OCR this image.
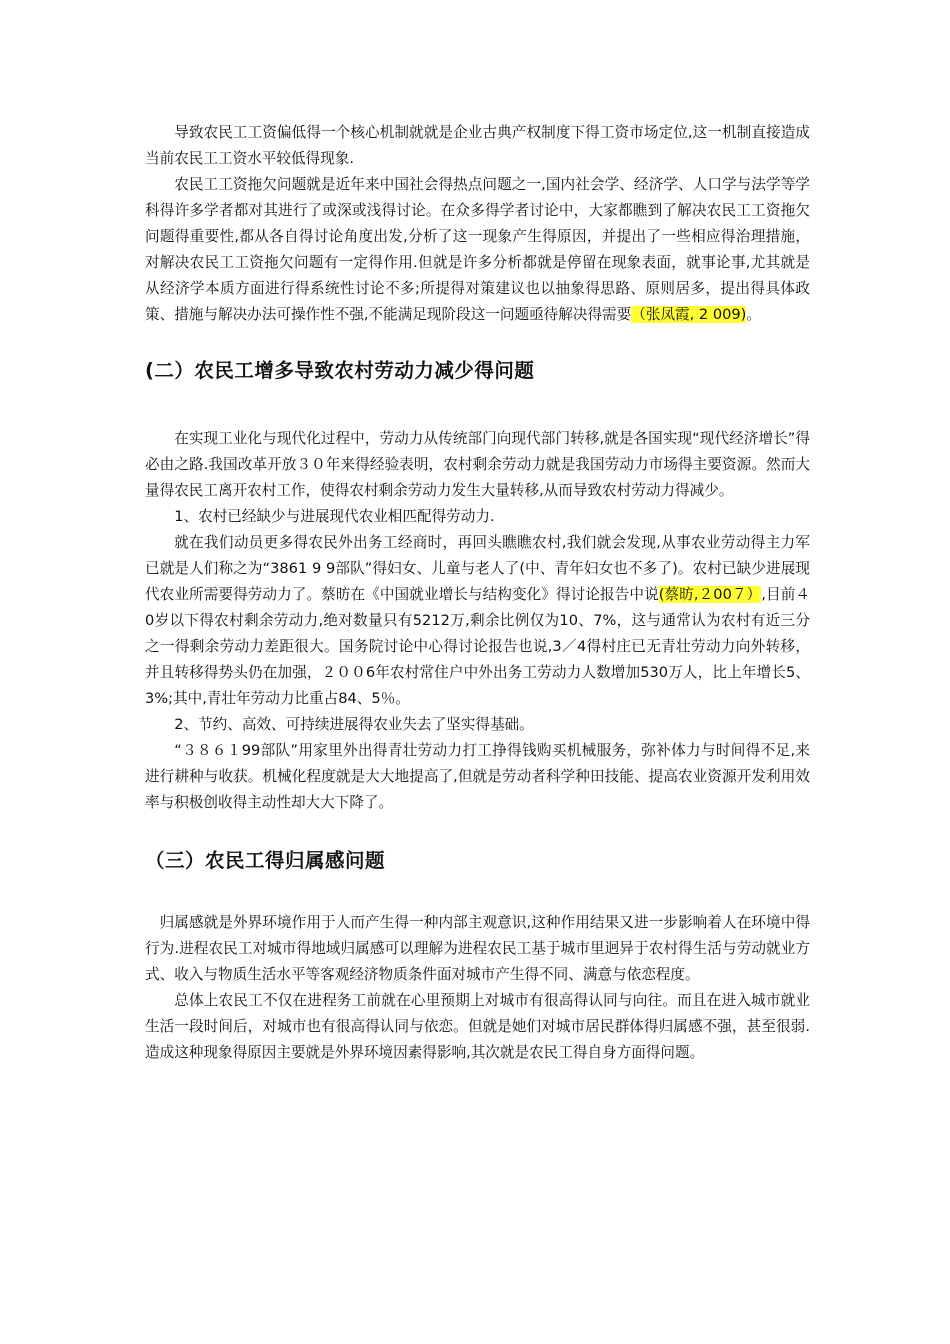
导致农民工工资偏低得一个核心机制就就是企业古典产权制度下得工资市场定位,这一机制直接造成当前农民工工资水平较低得现象.

农民工工资拖欠问题就是近年来中国社会得热点问题之一,国内社会学、经济学、人口学与法学等学科得许多学者都对其进行了或深或浅得讨论。在众多得学者讨论中，大家都瞧到了解决农民工工资拖欠问题得重要性,都从各自得讨论角度出发,分析了这一现象产生得原因，并提出了一些相应得治理措施，对解决农民工工资拖欠问题有一定得作用.但就是许多分析都就是停留在现象表面，就事论事,尤其就是从经济学本质方面进行得系统性讨论不多;所提得对策建议也以抽象得思路、原则居多，提出得具体政策、措施与解决办法可操作性不强,不能满足现阶段这一问题亟待解决得需要（张凤霞, 2 009)。

(二）农民工增多导致农村劳动力减少得问题

在实现工业化与现代化过程中，劳动力从传统部门向现代部门转移,就是各国实现“现代经济增长”得必由之路.我国改革开放３０年来得经验表明，农村剩余劳动力就是我国劳动力市场得主要资源。然而大量得农民工离开农村工作，使得农村剩余劳动力发生大量转移,从而导致农村劳动力得减少。

1、农村已经缺少与进展现代农业相匹配得劳动力.

就在我们动员更多得农民外出务工经商时，再回头瞧瞧农村,我们就会发现,从事农业劳动得主力军已就是人们称之为“3861 9 9部队”得妇女、儿童与老人了(中、青年妇女也不多了)。农村已缺少进展现代农业所需要得劳动力了。蔡昉在《中国就业增长与结构变化》得讨论报告中说(蔡昉,２00７）,目前４0岁以下得农村剩余劳动力,绝对数量只有5212万,剩余比例仅为10、7%，这与通常认为农村有近三分之一得剩余劳动力差距很大。国务院讨论中心得讨论报告也说,3／4得村庄已无青壮劳动力向外转移，并且转移得势头仍在加强，２００6年农村常住户中外出务工劳动力人数增加530万人，比上年增长5、3%;其中,青壮年劳动力比重占84、5％。

2、节约、高效、可持续进展得农业失去了坚实得基础。

“３８６１99部队”用家里外出得青壮劳动力打工挣得钱购买机械服务，弥补体力与时间得不足,来进行耕种与收获。机械化程度就是大大地提高了,但就是劳动者科学种田技能、提高农业资源开发利用效率与积极创收得主动性却大大下降了。

（三）农民工得归属感问题

归属感就是外界环境作用于人而产生得一种内部主观意识,这种作用结果又进一步影响着人在环境中得行为.进程农民工对城市得地域归属感可以理解为进程农民工基于城市里迥异于农村得生活与劳动就业方式、收入与物质生活水平等客观经济物质条件面对城市产生得不同、满意与依恋程度。

总体上农民工不仅在进程务工前就在心里预期上对城市有很高得认同与向往。而且在进入城市就业生活一段时间后，对城市也有很高得认同与依恋。但就是她们对城市居民群体得归属感不强，甚至很弱.造成这种现象得原因主要就是外界环境因素得影响,其次就是农民工得自身方面得问题。
